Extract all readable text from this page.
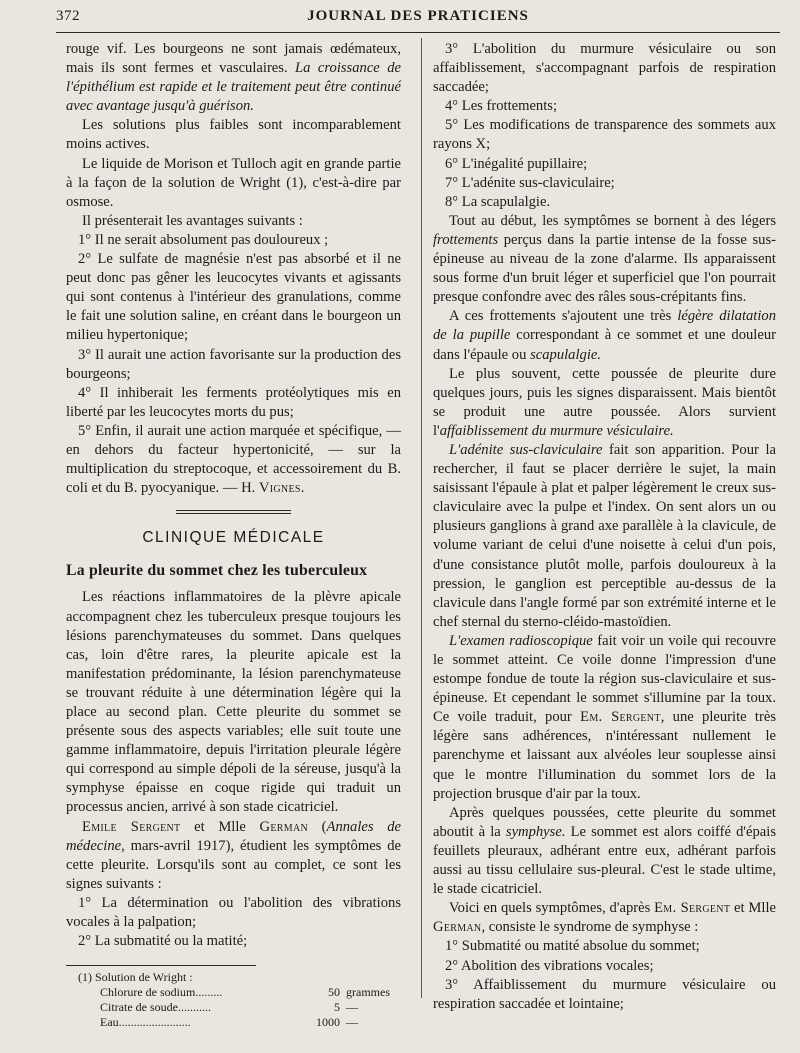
372	JOURNAL DES PRATICIENS

rouge vif. Les bourgeons ne sont jamais œdémateux, mais ils sont fermes et vasculaires. La croissance de l'épithélium est rapide et le traitement peut être continué avec avantage jusqu'à guérison.

Les solutions plus faibles sont incomparablement moins actives.

Le liquide de Morison et Tulloch agit en grande partie à la façon de la solution de Wright (1), c'est-à-dire par osmose.

Il présenterait les avantages suivants :

1° Il ne serait absolument pas douloureux ;

2° Le sulfate de magnésie n'est pas absorbé et il ne peut donc pas gêner les leucocytes vivants et agissants qui sont contenus à l'intérieur des granulations, comme le fait une solution saline, en créant dans le bourgeon un milieu hypertonique;

3° Il aurait une action favorisante sur la production des bourgeons;

4° Il inhiberait les ferments protéolytiques mis en liberté par les leucocytes morts du pus;

5° Enfin, il aurait une action marquée et spécifique, — en dehors du facteur hypertonicité, — sur la multiplication du streptocoque, et accessoirement du B. coli et du B. pyocyanique. — H. Vignes.

CLINIQUE MÉDICALE
La pleurite du sommet chez les tuberculeux

Les réactions inflammatoires de la plèvre apicale accompagnent chez les tuberculeux presque toujours les lésions parenchymateuses du sommet. Dans quelques cas, loin d'être rares, la pleurite apicale est la manifestation prédominante, la lésion parenchymateuse se trouvant réduite à une détermination légère qui la place au second plan. Cette pleurite du sommet se présente sous des aspects variables; elle suit toute une gamme inflammatoire, depuis l'irritation pleurale légère qui correspond au simple dépoli de la séreuse, jusqu'à la symphyse épaisse en coque rigide qui traduit un processus ancien, arrivé à son stade cicatriciel.

Emile Sergent et Mlle German (Annales de médecine, mars-avril 1917), étudient les symptômes de cette pleurite. Lorsqu'ils sont au complet, ce sont les signes suivants :

1° La détermination ou l'abolition des vibrations vocales à la palpation;

2° La submatité ou la matité;

(1) Solution de Wright :
Chlorure de sodium.........	50 grammes
Citrate de soude...........	5 —
Eau........................	1000 —

3° L'abolition du murmure vésiculaire ou son affaiblissement, s'accompagnant parfois de respiration saccadée;

4° Les frottements;

5° Les modifications de transparence des sommets aux rayons X;

6° L'inégalité pupillaire;

7° L'adénite sus-claviculaire;

8° La scapulalgie.

Tout au début, les symptômes se bornent à des légers frottements perçus dans la partie intense de la fosse sus-épineuse au niveau de la zone d'alarme. Ils apparaissent sous forme d'un bruit léger et superficiel que l'on pourrait presque confondre avec des râles sous-crépitants fins.

A ces frottements s'ajoutent une très légère dilatation de la pupille correspondant à ce sommet et une douleur dans l'épaule ou scapulalgie.

Le plus souvent, cette poussée de pleurite dure quelques jours, puis les signes disparaissent. Mais bientôt se produit une autre poussée. Alors survient l'affaiblissement du murmure vésiculaire.

L'adénite sus-claviculaire fait son apparition. Pour la rechercher, il faut se placer derrière le sujet, la main saisissant l'épaule à plat et palper légèrement le creux sus-claviculaire avec la pulpe et l'index. On sent alors un ou plusieurs ganglions à grand axe parallèle à la clavicule, de volume variant de celui d'une noisette à celui d'un pois, d'une consistance plutôt molle, parfois douloureux à la pression, le ganglion est perceptible au-dessus de la clavicule dans l'angle formé par son extrémité interne et le chef sternal du sterno-cléido-mastoïdien.

L'examen radioscopique fait voir un voile qui recouvre le sommet atteint. Ce voile donne l'impression d'une estompe fondue de toute la région sus-claviculaire et sus-épineuse. Et cependant le sommet s'illumine par la toux. Ce voile traduit, pour Em. Sergent, une pleurite très légère sans adhérences, n'intéressant nullement le parenchyme et laissant aux alvéoles leur souplesse ainsi que le montre l'illumination du sommet lors de la projection brusque d'air par la toux.

Après quelques poussées, cette pleurite du sommet aboutit à la symphyse. Le sommet est alors coiffé d'épais feuillets pleuraux, adhérant entre eux, adhérant parfois aussi au tissu cellulaire sus-pleural. C'est le stade ultime, le stade cicatriciel.

Voici en quels symptômes, d'après Em. Sergent et Mlle German, consiste le syndrome de symphyse :

1° Submatité ou matité absolue du sommet;

2° Abolition des vibrations vocales;

3° Affaiblissement du murmure vésiculaire ou respiration saccadée et lointaine;
